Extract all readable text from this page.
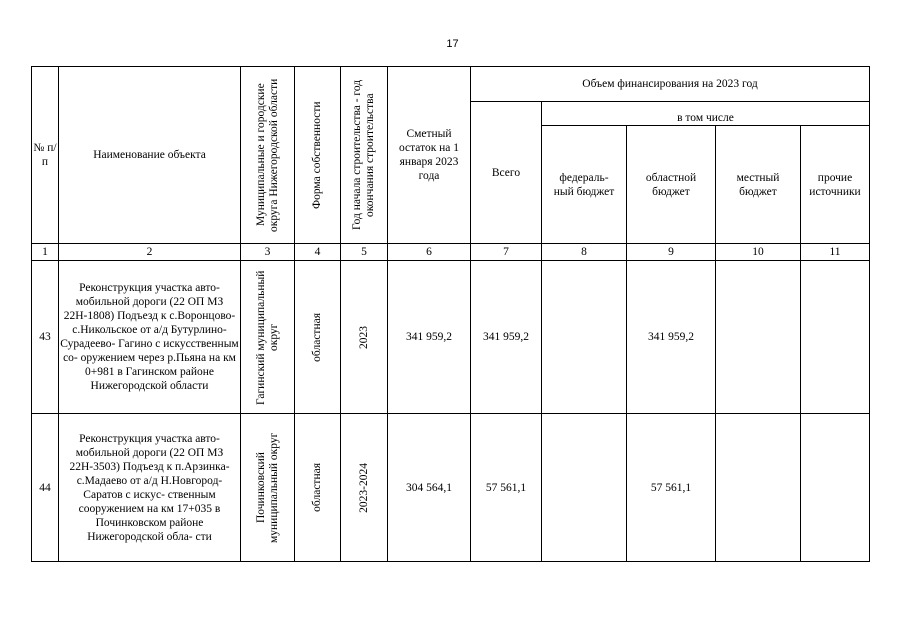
17
№ п/п	Наименование объекта	Муниципальные и городские округа Нижегородской области	Форма собственности	Год начала строительства - год окончания строительства	Сметный остаток на 1 января 2023 года	Объем финансирования на 2023 год				
						Всего	в том числе			
							федераль- ный бюджет	областной бюджет	местный бюджет	прочие источники
1	2	3	4	5	6	7	8	9	10	11
43	Реконструкция участка авто- мобильной дороги (22 ОП МЗ 22Н-1808) Подъезд к с.Воронцово-с.Никольское от а/д Бутурлино-Сурадеево- Гагино с искусственным со- оружением через р.Пьяна на км 0+981 в Гагинском районе Нижегородской области	Гагинский муниципальный округ	областная	2023	341 959,2	341 959,2		341 959,2		
44	Реконструкция участка авто- мобильной дороги (22 ОП МЗ 22Н-3503) Подъезд к п.Арзинка-с.Мадаево от а/д Н.Новгород-Саратов с искус- ственным сооружением на км 17+035 в Починковском районе Нижегородской обла- сти	Починковский муниципальный округ	областная	2023-2024	304 564,1	57 561,1		57 561,1		
